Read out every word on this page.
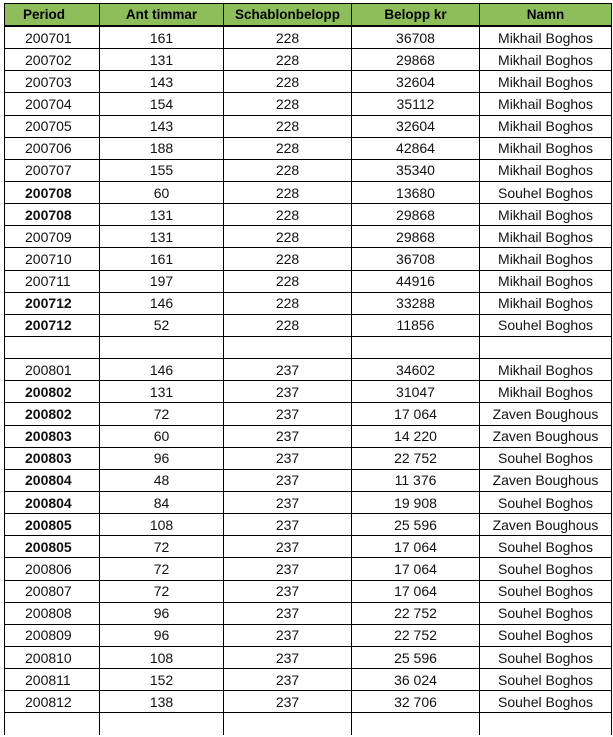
Period	Ant timmar	Schablonbelopp	Belopp kr	Namn
200701	161	228	36708	Mikhail Boghos
200702	131	228	29868	Mikhail Boghos
200703	143	228	32604	Mikhail Boghos
200704	154	228	35112	Mikhail Boghos
200705	143	228	32604	Mikhail Boghos
200706	188	228	42864	Mikhail Boghos
200707	155	228	35340	Mikhail Boghos
200708	60	228	13680	Souhel Boghos
200708	131	228	29868	Mikhail Boghos
200709	131	228	29868	Mikhail Boghos
200710	161	228	36708	Mikhail Boghos
200711	197	228	44916	Mikhail Boghos
200712	146	228	33288	Mikhail Boghos
200712	52	228	11856	Souhel Boghos

200801	146	237	34602	Mikhail Boghos
200802	131	237	31047	Mikhail Boghos
200802	72	237	17 064	Zaven Boughous
200803	60	237	14 220	Zaven Boughous
200803	96	237	22 752	Souhel Boghos
200804	48	237	11 376	Zaven Boughous
200804	84	237	19 908	Souhel Boghos
200805	108	237	25 596	Zaven Boughous
200805	72	237	17 064	Souhel Boghos
200806	72	237	17 064	Souhel Boghos
200807	72	237	17 064	Souhel Boghos
200808	96	237	22 752	Souhel Boghos
200809	96	237	22 752	Souhel Boghos
200810	108	237	25 596	Souhel Boghos
200811	152	237	36 024	Souhel Boghos
200812	138	237	32 706	Souhel Boghos
